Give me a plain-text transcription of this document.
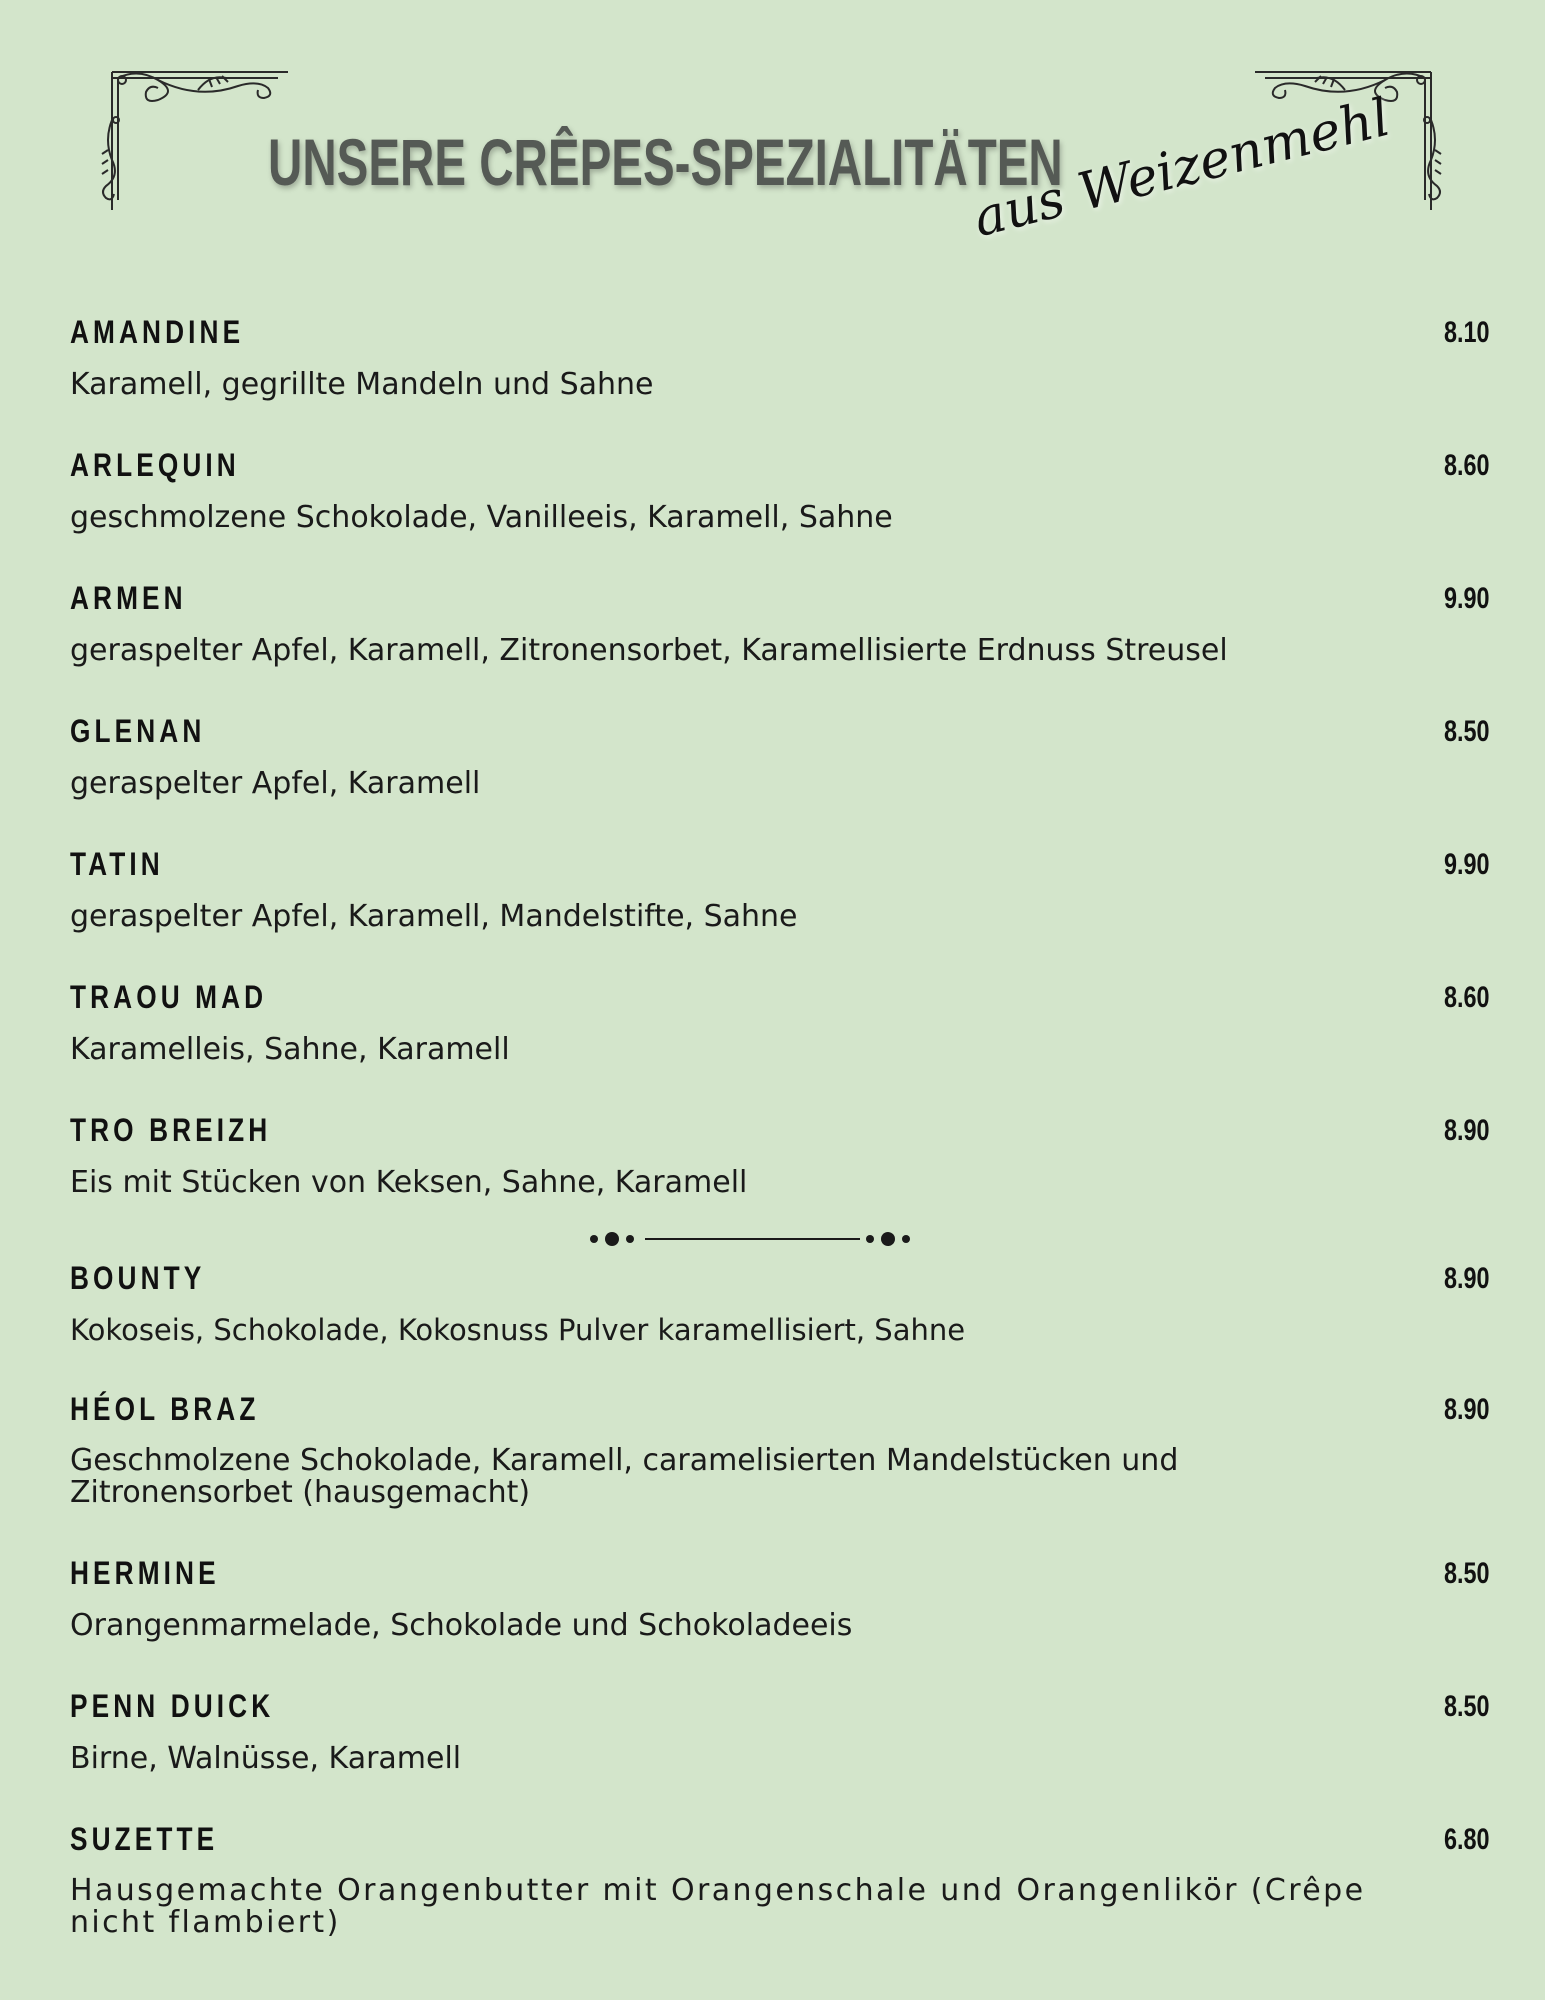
UNSERE CRÊPES-SPEZIALITÄTEN
aus Weizenmehl
AMANDINE	8.10
Karamell, gegrillte Mandeln und Sahne
ARLEQUIN	8.60
geschmolzene Schokolade, Vanilleeis, Karamell, Sahne
ARMEN	9.90
geraspelter Apfel, Karamell, Zitronensorbet, Karamellisierte Erdnuss Streusel
GLENAN	8.50
geraspelter Apfel, Karamell
TATIN	9.90
geraspelter Apfel, Karamell, Mandelstifte, Sahne
TRAOU MAD	8.60
Karamelleis, Sahne, Karamell
TRO BREIZH	8.90
Eis mit Stücken von Keksen, Sahne, Karamell
BOUNTY	8.90
Kokoseis, Schokolade, Kokosnuss Pulver karamellisiert, Sahne
HÉOL BRAZ	8.90
Geschmolzene Schokolade, Karamell, caramelisierten Mandelstücken und Zitronensorbet (hausgemacht)
HERMINE	8.50
Orangenmarmelade, Schokolade und Schokoladeeis
PENN DUICK	8.50
Birne, Walnüsse, Karamell
SUZETTE	6.80
Hausgemachte Orangenbutter mit Orangenschale und Orangenlikör (Crêpe nicht flambiert)
